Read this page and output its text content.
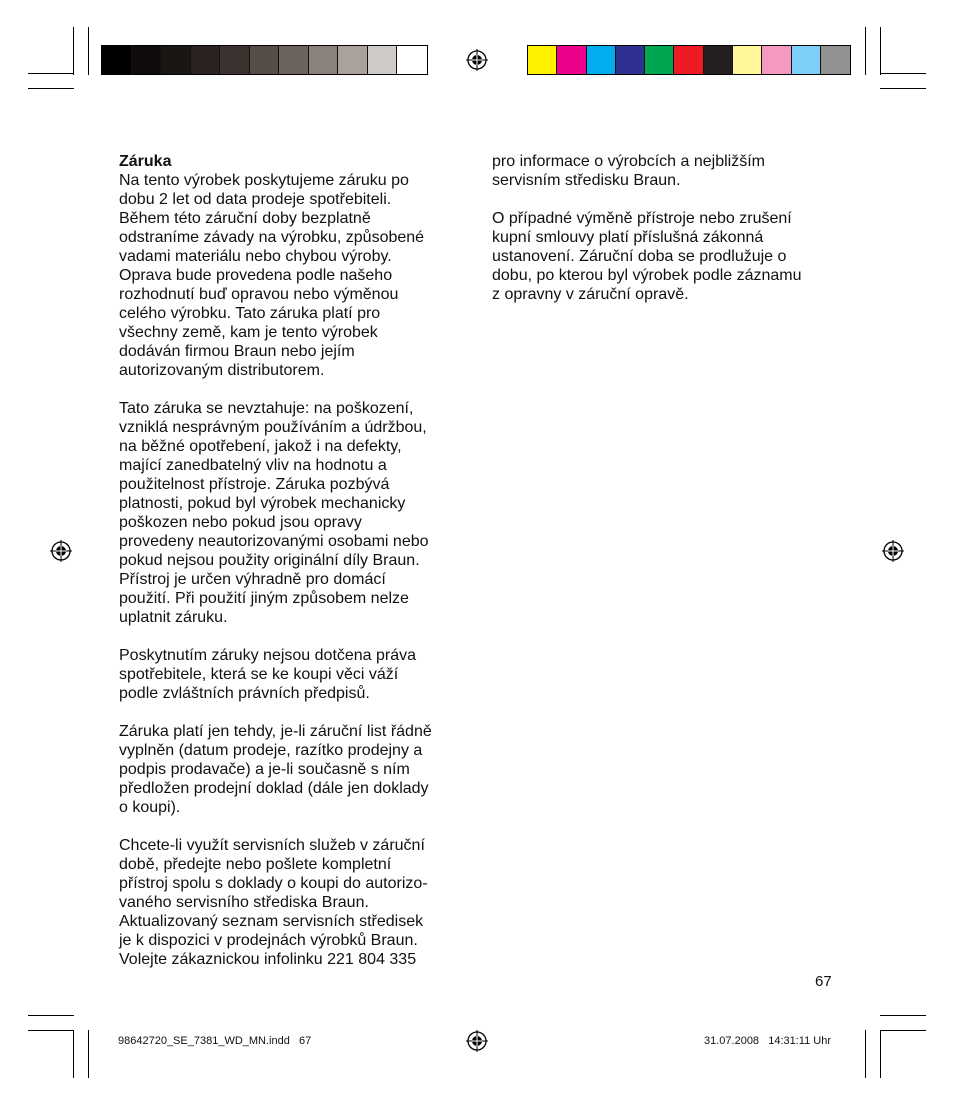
Záruka

Na tento výrobek poskytujeme záruku po
dobu 2 let od data prodeje spotřebiteli.
Během této záruční doby bezplatně
odstraníme závady na výrobku, způsobené
vadami materiálu nebo chybou výroby.
Oprava bude provedena podle našeho
rozhodnutí buď opravou nebo výměnou
celého výrobku. Tato záruka platí pro
všechny země, kam je tento výrobek
dodáván firmou Braun nebo jejím
autorizovaným distributorem.

Tato záruka se nevztahuje: na poškození,
vzniklá nesprávným používáním a údržbou,
na běžné opotřebení, jakož i na defekty,
mající zanedbatelný vliv na hodnotu a
použitelnost přístroje. Záruka pozbývá
platnosti, pokud byl výrobek mechanicky
poškozen nebo pokud jsou opravy
provedeny neautorizovanými osobami nebo
pokud nejsou použity originální díly Braun.
Přístroj je určen výhradně pro domácí
použití. Při použití jiným způsobem nelze
uplatnit záruku.

Poskytnutím záruky nejsou dotčena práva
spotřebitele, která se ke koupi věci váží
podle zvláštních právních předpisů.

Záruka platí jen tehdy, je-li záruční list řádně
vyplněn (datum prodeje, razítko prodejny a
podpis prodavače) a je-li současně s ním
předložen prodejní doklad (dále jen doklady
o koupi).

Chcete-li využít servisních služeb v záruční
době, předejte nebo pošlete kompletní
přístroj spolu s doklady o koupi do autorizo-
vaného servisního střediska Braun.
Aktualizovaný seznam servisních středisek
je k dispozici v prodejnách výrobků Braun.
Volejte zákaznickou infolinku 221 804 335

pro informace o výrobcích a nejbližším
servisním středisku Braun.

O případné výměně přístroje nebo zrušení
kupní smlouvy platí příslušná zákonná
ustanovení. Záruční doba se prodlužuje o
dobu, po kterou byl výrobek podle záznamu
z opravny v záruční opravě.

67
98642720_SE_7381_WD_MN.indd   67	31.07.2008   14:31:11 Uhr
